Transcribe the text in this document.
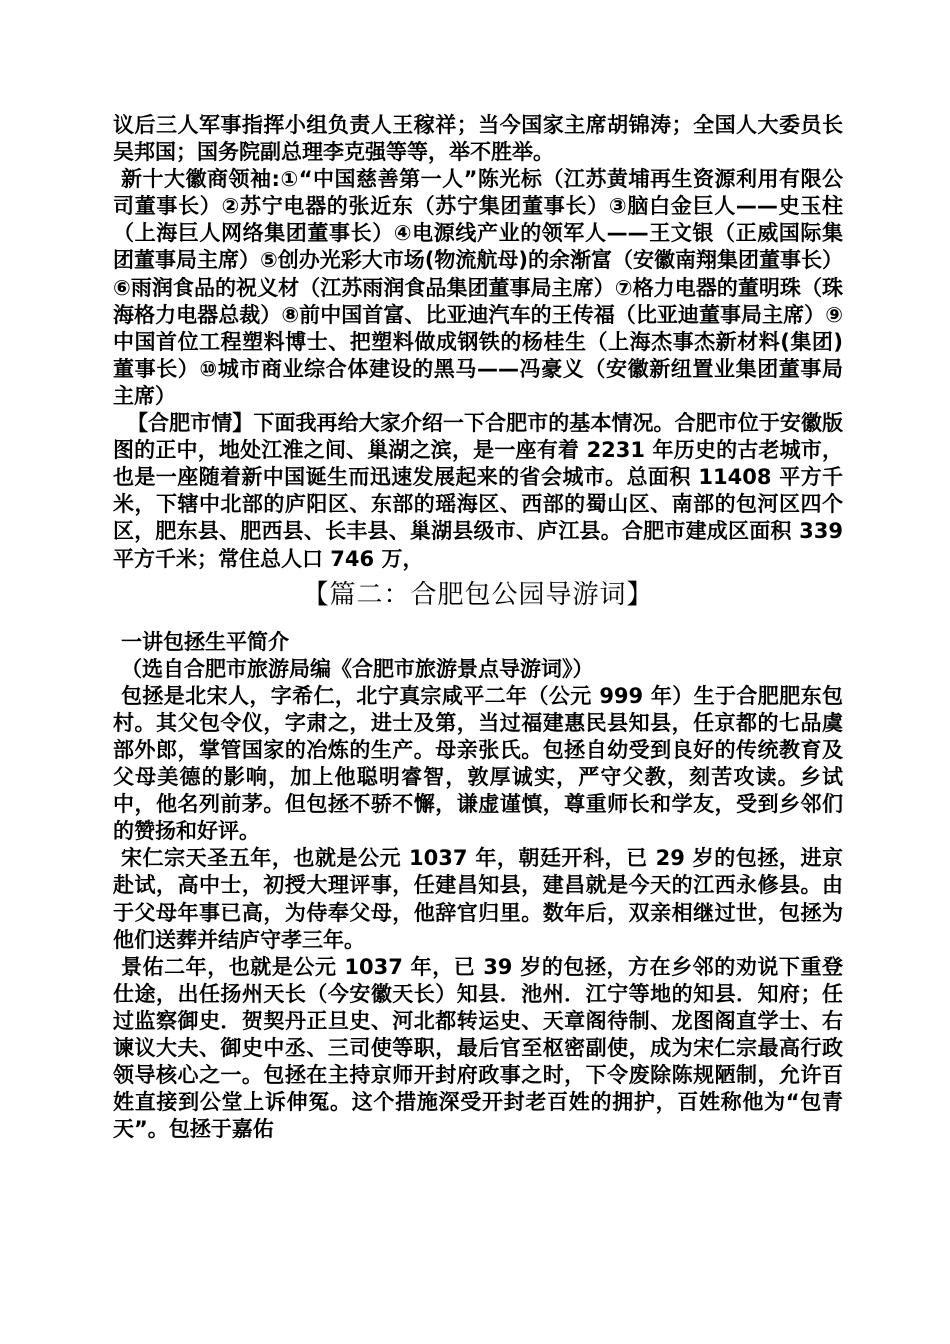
议后三人军事指挥小组负责人王稼祥；当今国家主席胡锦涛；全国人大委员长吴邦国；国务院副总理李克强等等，举不胜举。

新十大徽商领袖:①“中国慈善第一人”陈光标（江苏黄埔再生资源利用有限公司董事长）②苏宁电器的张近东（苏宁集团董事长）③脑白金巨人——史玉柱（上海巨人网络集团董事长）④电源线产业的领军人——王文银（正威国际集团董事局主席）⑤创办光彩大市场(物流航母)的余渐富（安徽南翔集团董事长）⑥雨润食品的祝义材（江苏雨润食品集团董事局主席）⑦格力电器的董明珠（珠海格力电器总裁）⑧前中国首富、比亚迪汽车的王传福（比亚迪董事局主席）⑨中国首位工程塑料博士、把塑料做成钢铁的杨桂生（上海杰事杰新材料(集团)董事长）⑩城市商业综合体建设的黑马——冯豪义（安徽新纽置业集团董事局主席）

【合肥市情】下面我再给大家介绍一下合肥市的基本情况。合肥市位于安徽版图的正中，地处江淮之间、巢湖之滨，是一座有着 2231 年历史的古老城市，也是一座随着新中国诞生而迅速发展起来的省会城市。总面积 11408 平方千米，下辖中北部的庐阳区、东部的瑶海区、西部的蜀山区、南部的包河区四个区，肥东县、肥西县、长丰县、巢湖县级市、庐江县。合肥市建成区面积 339 平方千米；常住总人口 746 万，

【篇二：合肥包公园导游词】

一讲包拯生平简介

（选自合肥市旅游局编《合肥市旅游景点导游词》）

包拯是北宋人，字希仁，北宁真宗咸平二年（公元 999 年）生于合肥肥东包村。其父包令仪，字肃之，进士及第，当过福建惠民县知县，任京都的七品虞部外郎，掌管国家的冶炼的生产。母亲张氏。包拯自幼受到良好的传统教育及父母美德的影响，加上他聪明睿智，敦厚诚实，严守父教，刻苦攻读。乡试中，他名列前茅。但包拯不骄不懈，谦虚谨慎，尊重师长和学友，受到乡邻们的赞扬和好评。

宋仁宗天圣五年，也就是公元 1037 年，朝廷开科，已 29 岁的包拯，进京赴试，高中士，初授大理评事，任建昌知县，建昌就是今天的江西永修县。由于父母年事已高，为侍奉父母，他辞官归里。数年后，双亲相继过世，包拯为他们送葬并结庐守孝三年。

景佑二年，也就是公元 1037 年，已 39 岁的包拯，方在乡邻的劝说下重登仕途，出任扬州天长（今安徽天长）知县．池州．江宁等地的知县．知府；任过监察御史．贺契丹正旦史、河北都转运史、天章阁待制、龙图阁直学士、右谏议大夫、御史中丞、三司使等职，最后官至枢密副使，成为宋仁宗最高行政领导核心之一。包拯在主持京师开封府政事之时，下令废除陈规陋制，允许百姓直接到公堂上诉伸冤。这个措施深受开封老百姓的拥护，百姓称他为“包青天”。包拯于嘉佑
